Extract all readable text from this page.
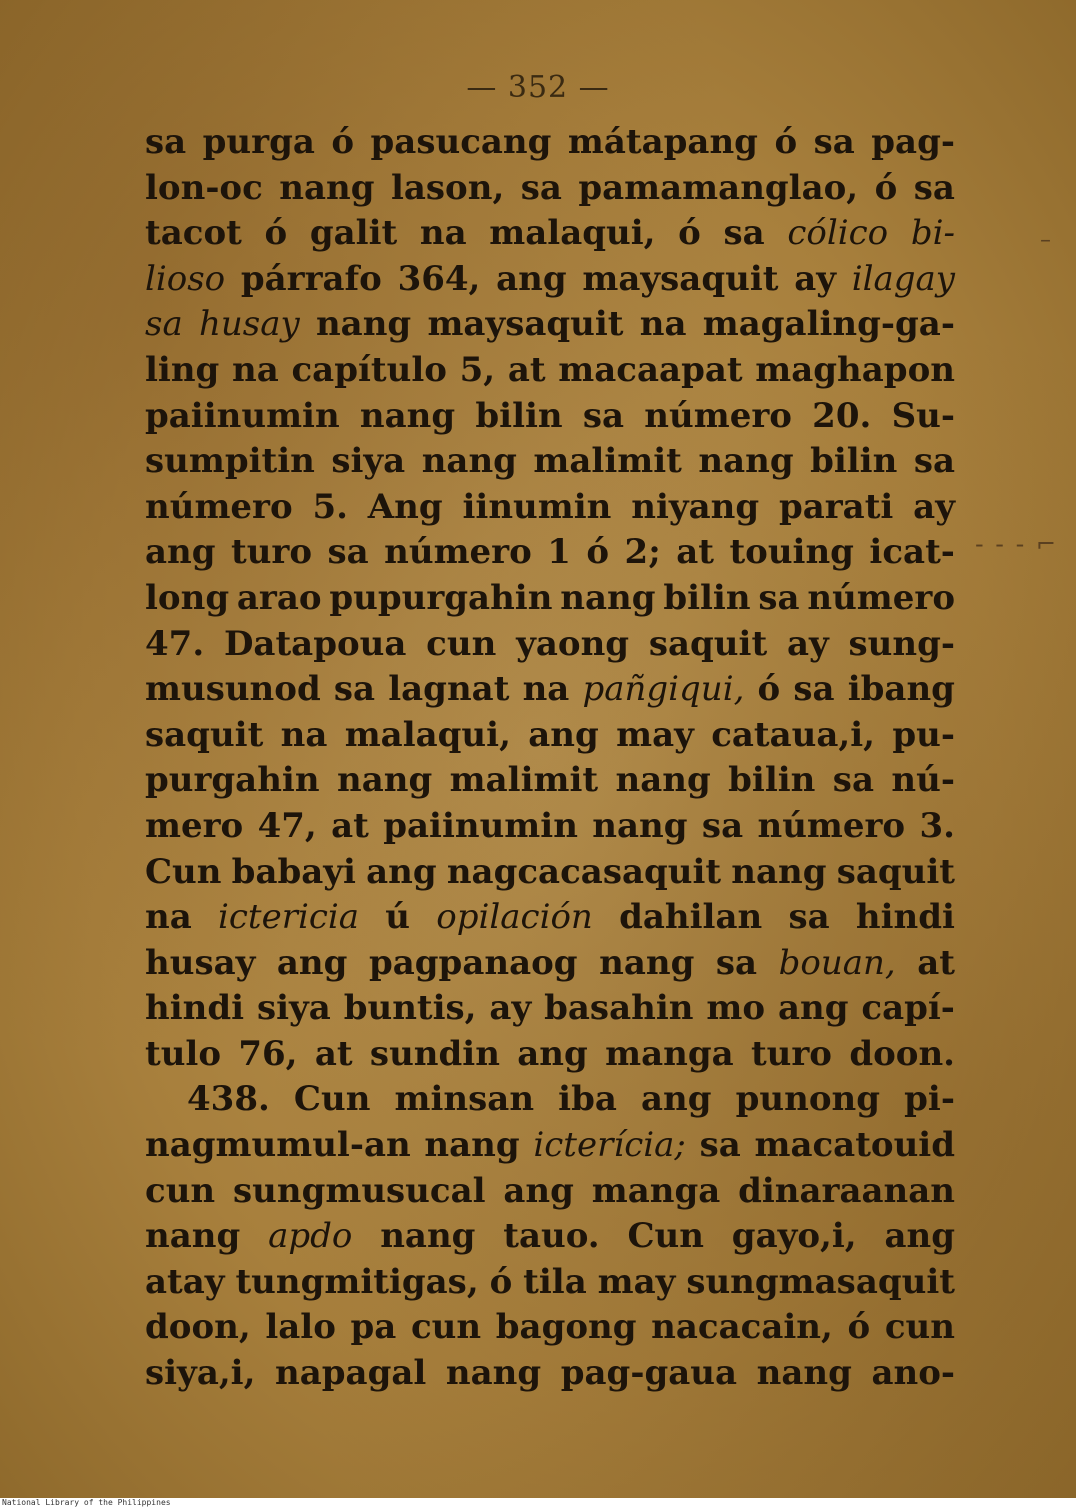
— 352 —
sa purga ó pasucang mátapang ó sa pag-
lon-oc nang lason, sa pamamanglao, ó sa
tacot ó galit na malaqui, ó sa cólico bi-
lioso párrafo 364, ang maysaquit ay ilagay
sa husay nang maysaquit na magaling-ga-
ling na capítulo 5, at macaapat maghapon
paiinumin nang bilin sa número 20. Su-
sumpitin siya nang malimit nang bilin sa
número 5. Ang iinumin niyang parati ay
ang turo sa número 1 ó 2; at touing icat-
long arao pupurgahin nang bilin sa número
47. Datapoua cun yaong saquit ay sung-
musunod sa lagnat na pañgiqui, ó sa ibang
saquit na malaqui, ang may cataua,i, pu-
purgahin nang malimit nang bilin sa nú-
mero 47, at paiinumin nang sa número 3.
Cun babayi ang nagcacasaquit nang saquit
na ictericia ú opilación dahilan sa hindi
husay ang pagpanaog nang sa bouan, at
hindi siya buntis, ay basahin mo ang capí-
tulo 76, at sundin ang manga turo doon.
438. Cun minsan iba ang punong pi-
nagmumul-an nang icterícia; sa macatouid
cun sungmusucal ang manga dinaraanan
nang apdo nang tauo. Cun gayo,i, ang
atay tungmitigas, ó tila may sungmasaquit
doon, lalo pa cun bagong nacacain, ó cun
siya,i, napagal nang pag-gaua nang ano-
–
- - - ⌐
National Library of the Philippines
